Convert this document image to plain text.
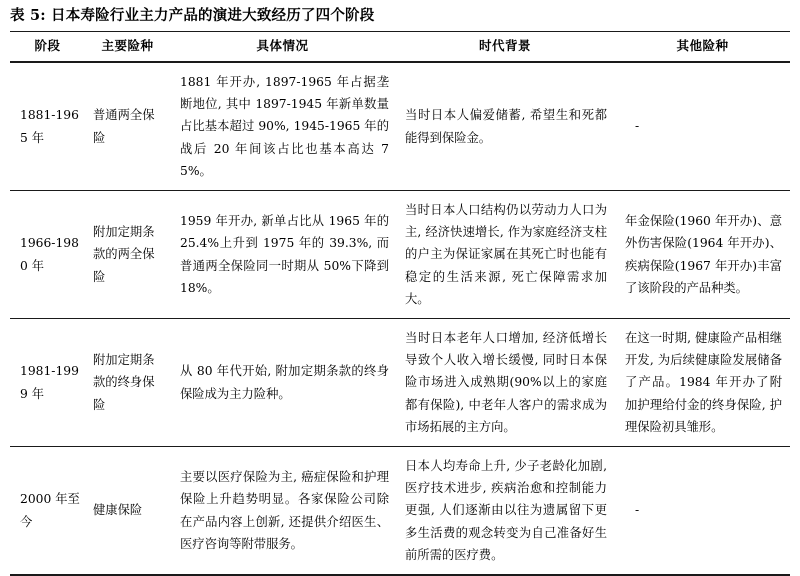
表 5: 日本寿险行业主力产品的演进大致经历了四个阶段
阶段	主要险种	具体情况	时代背景	其他险种
1881-1965 年	普通两全保险	1881 年开办, 1897-1965 年占据垄断地位, 其中 1897-1945 年新单数量占比基本超过 90%, 1945-1965 年的战后 20 年间该占比也基本高达 75%。	当时日本人偏爱储蓄, 希望生和死都能得到保险金。	-
1966-1980 年	附加定期条款的两全保险	1959 年开办, 新单占比从 1965 年的 25.4%上升到 1975 年的 39.3%, 而普通两全保险同一时期从 50%下降到 18%。	当时日本人口结构仍以劳动力人口为主, 经济快速增长, 作为家庭经济支柱的户主为保证家属在其死亡时也能有稳定的生活来源, 死亡保障需求加大。	年金保险(1960 年开办)、意外伤害保险(1964 年开办)、疾病保险(1967 年开办)丰富了该阶段的产品种类。
1981-1999 年	附加定期条款的终身保险	从 80 年代开始, 附加定期条款的终身保险成为主力险种。	当时日本老年人口增加, 经济低增长导致个人收入增长缓慢, 同时日本保险市场进入成熟期(90%以上的家庭都有保险), 中老年人客户的需求成为市场拓展的主方向。	在这一时期, 健康险产品相继开发, 为后续健康险发展储备了产品。1984 年开办了附加护理给付金的终身保险, 护理保险初具雏形。
2000 年至今	健康保险	主要以医疗保险为主, 癌症保险和护理保险上升趋势明显。各家保险公司除在产品内容上创新, 还提供介绍医生、医疗咨询等附带服务。	日本人均寿命上升, 少子老龄化加剧, 医疗技术进步, 疾病治愈和控制能力更强, 人们逐渐由以往为遗属留下更多生活费的观念转变为自己准备好生前所需的医疗费。	-
